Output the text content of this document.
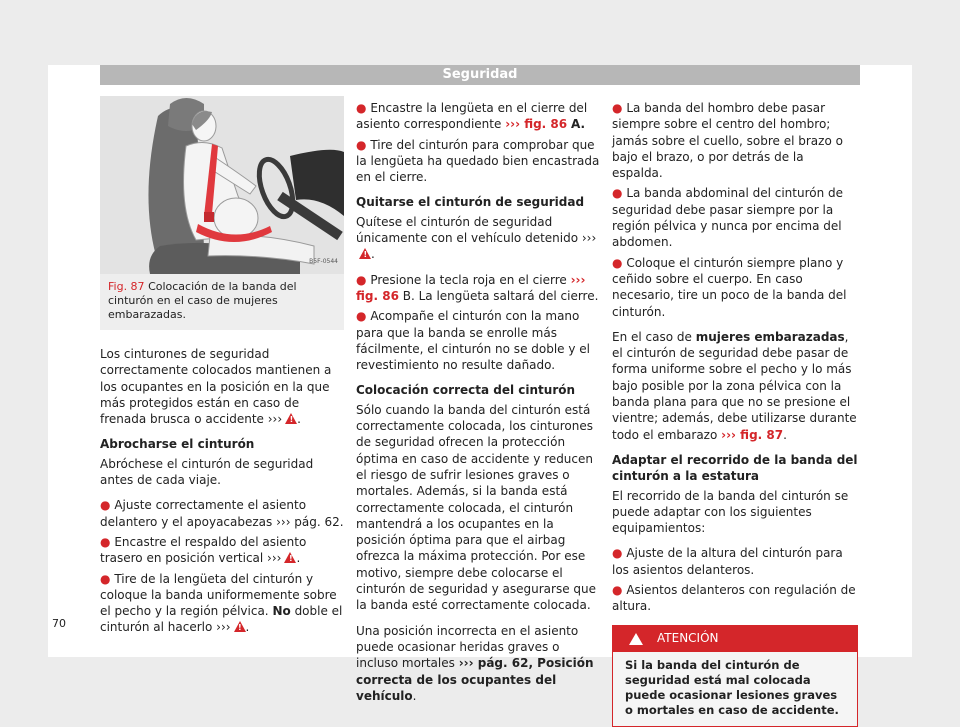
Seguridad
B5F-0544
Fig. 87 Colocación de la banda del cinturón en el caso de mujeres embarazadas.

Los cinturones de seguridad correctamente colocados mantienen a los ocupantes en la posición en la que más protegidos están en caso de frenada brusca o accidente ››› ! .

Abrocharse el cinturón

Abróchese el cinturón de seguridad antes de cada viaje.

● Ajuste correctamente el asiento delantero y el apoyacabezas ››› pág. 62.

● Encastre el respaldo del asiento trasero en posición vertical ››› ! .

● Tire de la lengüeta del cinturón y coloque la banda uniformemente sobre el pecho y la región pélvica. No doble el cinturón al hacerlo ››› ! .

● Encastre la lengüeta en el cierre del asiento correspondiente ››› fig. 86 A.

● Tire del cinturón para comprobar que la lengüeta ha quedado bien encastrada en el cierre.

Quitarse el cinturón de seguridad

Quítese el cinturón de seguridad únicamente con el vehículo detenido ›››!.

● Presione la tecla roja en el cierre ››› fig. 86 B. La lengüeta saltará del cierre.

● Acompañe el cinturón con la mano para que la banda se enrolle más fácilmente, el cinturón no se doble y el revestimiento no resulte dañado.

Colocación correcta del cinturón

Sólo cuando la banda del cinturón está correctamente colocada, los cinturones de seguridad ofrecen la protección óptima en caso de accidente y reducen el riesgo de sufrir lesiones graves o mortales. Además, si la banda está correctamente colocada, el cinturón mantendrá a los ocupantes en la posición óptima para que el airbag ofrezca la máxima protección. Por ese motivo, siempre debe colocarse el cinturón de seguridad y asegurarse que la banda esté correctamente colocada.

Una posición incorrecta en el asiento puede ocasionar heridas graves o incluso mortales ››› pág. 62, Posición correcta de los ocupantes del vehículo.

● La banda del hombro debe pasar siempre sobre el centro del hombro; jamás sobre el cuello, sobre el brazo o bajo el brazo, o por detrás de la espalda.

● La banda abdominal del cinturón de seguridad debe pasar siempre por la región pélvica y nunca por encima del abdomen.

● Coloque el cinturón siempre plano y ceñido sobre el cuerpo. En caso necesario, tire un poco de la banda del cinturón.

En el caso de mujeres embarazadas, el cinturón de seguridad debe pasar de forma uniforme sobre el pecho y lo más bajo posible por la zona pélvica con la banda plana para que no se presione el vientre; además, debe utilizarse durante todo el embarazo ››› fig. 87.

Adaptar el recorrido de la banda del cinturón a la estatura

El recorrido de la banda del cinturón se puede adaptar con los siguientes equipamientos:

● Ajuste de la altura del cinturón para los asientos delanteros.

● Asientos delanteros con regulación de altura.

ATENCIÓN
Si la banda del cinturón de seguridad está mal colocada puede ocasionar lesiones graves o mortales en caso de accidente.
70
